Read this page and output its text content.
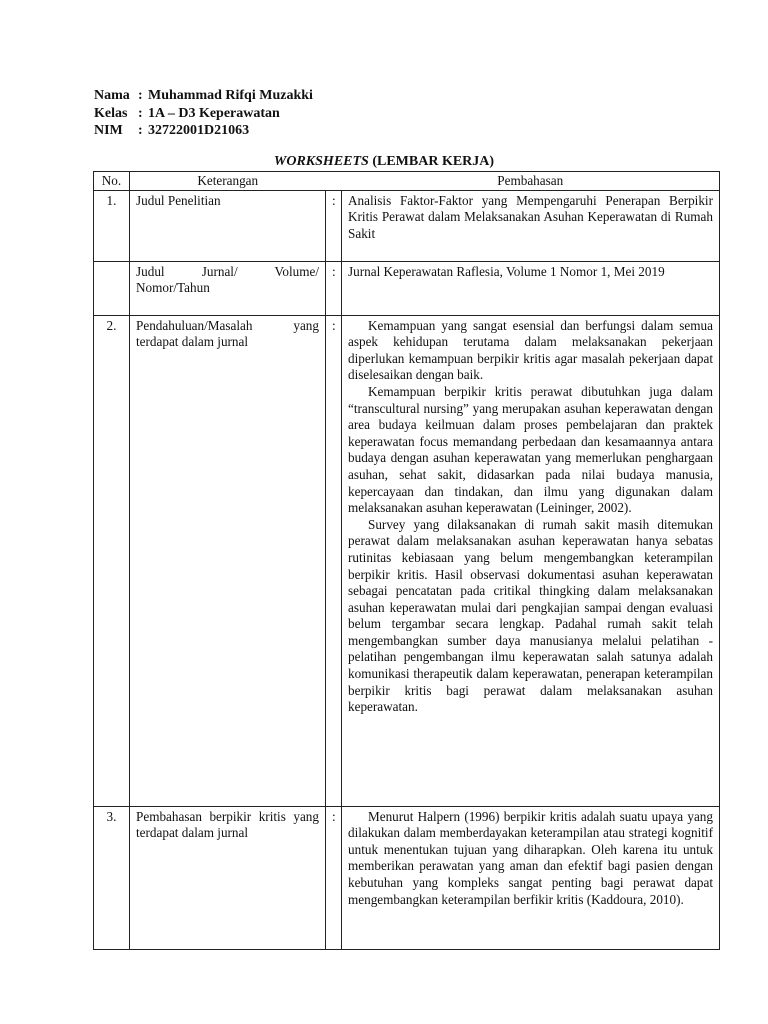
Nama : Muhammad Rifqi Muzakki
Kelas : 1A – D3 Keperawatan
NIM	: 32722001D21063
WORKSHEETS (LEMBAR KERJA)
No.	Keterangan		Pembahasan
1.	Judul Penelitian	:	Analisis Faktor-Faktor yang Mempengaruhi Penerapan Berpikir Kritis Perawat dalam Melaksanakan Asuhan Keperawatan di Rumah Sakit

	Judul Jurnal/ Volume/ Nomor/Tahun	:	Jurnal Keperawatan Raflesia, Volume 1 Nomor 1, Mei 2019

2.	Pendahuluan/Masalah yang terdapat dalam jurnal	:	Kemampuan yang sangat esensial dan berfungsi dalam semua aspek kehidupan terutama dalam melaksanakan pekerjaan diperlukan kemampuan berpikir kritis agar masalah pekerjaan dapat diselesaikan dengan baik.

Kemampuan berpikir kritis perawat dibutuhkan juga dalam “transcultural nursing” yang merupakan asuhan keperawatan dengan area budaya keilmuan dalam proses pembelajaran dan praktek keperawatan focus memandang perbedaan dan kesamaannya antara budaya dengan asuhan keperawatan yang memerlukan penghargaan asuhan, sehat sakit, didasarkan pada nilai budaya manusia, kepercayaan dan tindakan, dan ilmu yang digunakan dalam melaksanakan asuhan keperawatan (Leininger, 2002).

Survey yang dilaksanakan di rumah sakit masih ditemukan perawat dalam melaksanakan asuhan keperawatan hanya sebatas rutinitas kebiasaan yang belum mengembangkan keterampilan berpikir kritis. Hasil observasi dokumentasi asuhan keperawatan sebagai pencatatan pada critikal thingking dalam melaksanakan asuhan keperawatan mulai dari pengkajian sampai dengan evaluasi belum tergambar secara lengkap. Padahal rumah sakit telah mengembangkan sumber daya manusianya melalui pelatihan - pelatihan pengembangan ilmu keperawatan salah satunya adalah komunikasi therapeutik dalam keperawatan, penerapan keterampilan berpikir kritis bagi perawat dalam melaksanakan asuhan keperawatan.

3.	Pembahasan berpikir kritis yang terdapat dalam jurnal	:	Menurut Halpern (1996) berpikir kritis adalah suatu upaya yang dilakukan dalam memberdayakan keterampilan atau strategi kognitif untuk menentukan tujuan yang diharapkan. Oleh karena itu untuk memberikan perawatan yang aman dan efektif bagi pasien dengan kebutuhan yang kompleks sangat penting bagi perawat dapat mengembangkan keterampilan berfikir kritis (Kaddoura, 2010).
